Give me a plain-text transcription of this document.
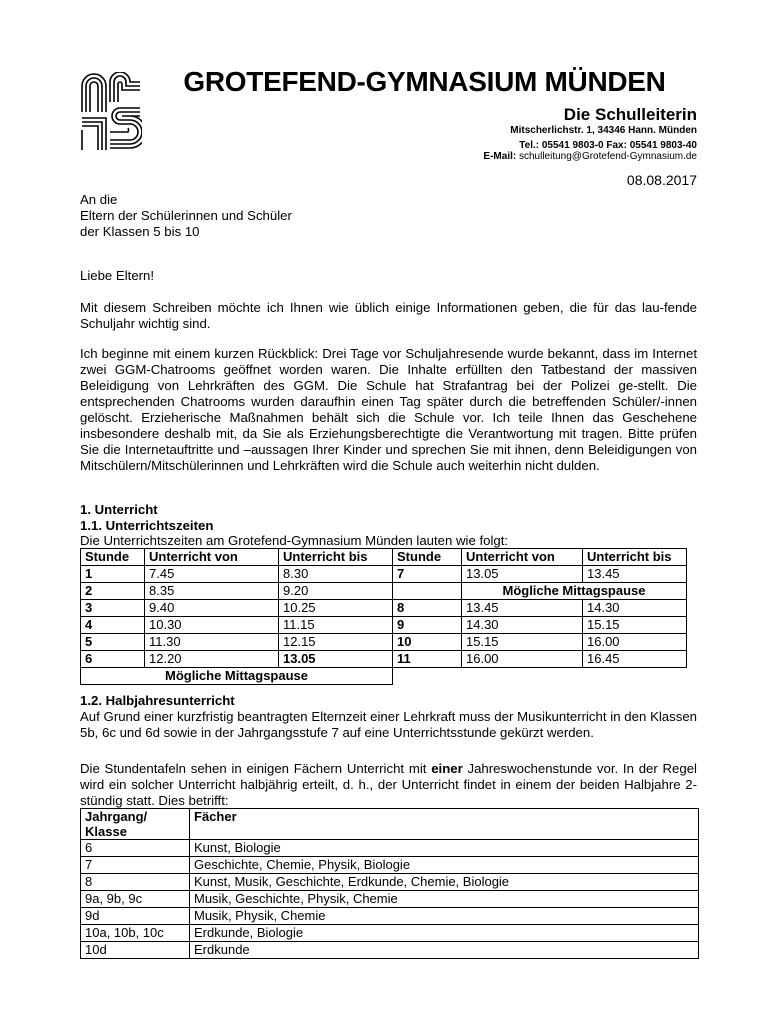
GROTEFEND-GYMNASIUM MÜNDEN
Die Schulleiterin
Mitscherlichstr. 1, 34346 Hann. Münden
Tel.: 05541 9803-0 Fax: 05541 9803-40
E-Mail: schulleitung@Grotefend-Gymnasium.de
08.08.2017
An die
Eltern der Schülerinnen und Schüler
der Klassen 5 bis 10
Liebe Eltern!
Mit diesem Schreiben möchte ich Ihnen wie üblich einige Informationen geben, die für das lau-fende Schuljahr wichtig sind.
Ich beginne mit einem kurzen Rückblick: Drei Tage vor Schuljahresende wurde bekannt, dass im Internet zwei GGM-Chatrooms geöffnet worden waren. Die Inhalte erfüllten den Tatbestand der massiven Beleidigung von Lehrkräften des GGM. Die Schule hat Strafantrag bei der Polizei ge-stellt. Die entsprechenden Chatrooms wurden daraufhin einen Tag später durch die betreffenden Schüler/-innen gelöscht. Erzieherische Maßnahmen behält sich die Schule vor. Ich teile Ihnen das Geschehene insbesondere deshalb mit, da Sie als Erziehungsberechtigte die Verantwortung mit tragen. Bitte prüfen Sie die Internetauftritte und –aussagen Ihrer Kinder und sprechen Sie mit ihnen, denn Beleidigungen von Mitschülern/Mitschülerinnen und Lehrkräften wird die Schule auch weiterhin nicht dulden.
1. Unterricht
1.1. Unterrichtszeiten
Die Unterrichtszeiten am Grotefend-Gymnasium Münden lauten wie folgt:
Stunde	Unterricht von	Unterricht bis	Stunde	Unterricht von	Unterricht bis
1	7.45	8.30	7	13.05	13.45
2	8.35	9.20		Mögliche Mittagspause	
3	9.40	10.25	8	13.45	14.30
4	10.30	11.15	9	14.30	15.15
5	11.30	12.15	10	15.15	16.00
6	12.20	13.05	11	16.00	16.45
Mögliche Mittagspause					
1.2. Halbjahresunterricht
Auf Grund einer kurzfristig beantragten Elternzeit einer Lehrkraft muss der Musikunterricht in den Klassen 5b, 6c und 6d sowie in der Jahrgangsstufe 7 auf eine Unterrichtsstunde gekürzt werden.
Die Stundentafeln sehen in einigen Fächern Unterricht mit einer Jahreswochenstunde vor. In der Regel wird ein solcher Unterricht halbjährig erteilt, d. h., der Unterricht findet in einem der beiden Halbjahre 2-stündig statt. Dies betrifft:
Jahrgang/ Klasse	Fächer
6	Kunst, Biologie
7	Geschichte, Chemie, Physik, Biologie
8	Kunst, Musik, Geschichte, Erdkunde, Chemie, Biologie
9a, 9b, 9c	Musik, Geschichte, Physik, Chemie
9d	Musik, Physik, Chemie
10a, 10b, 10c	Erdkunde, Biologie
10d	Erdkunde
